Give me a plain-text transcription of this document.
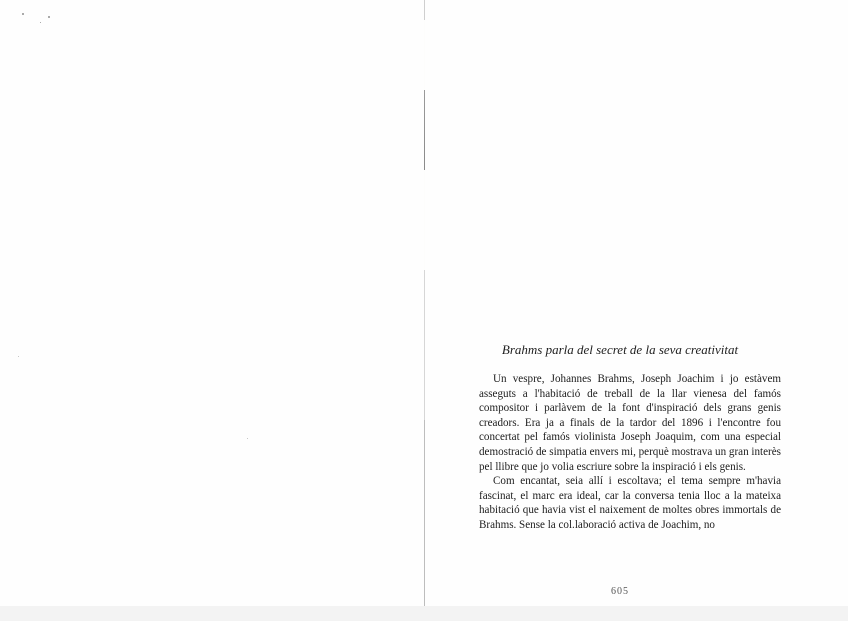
Brahms parla del secret de la seva creativitat

Un vespre, Johannes Brahms, Joseph Joachim i jo estàvem asseguts a l'habitació de treball de la llar vienesa del famós compositor i parlàvem de la font d'inspiració dels grans genis creadors. Era ja a finals de la tardor del 1896 i l'encontre fou concertat pel famós violinista Joseph Joaquim, com una especial demostració de simpatia envers mi, perquè mostrava un gran interès pel llibre que jo volia escriure sobre la inspiració i els genis.

Com encantat, seia allí i escoltava; el tema sempre m'havia fascinat, el marc era ideal, car la conversa tenia lloc a la mateixa habitació que havia vist el naixement de moltes obres immortals de Brahms. Sense la col.laboració activa de Joachim, no

605
